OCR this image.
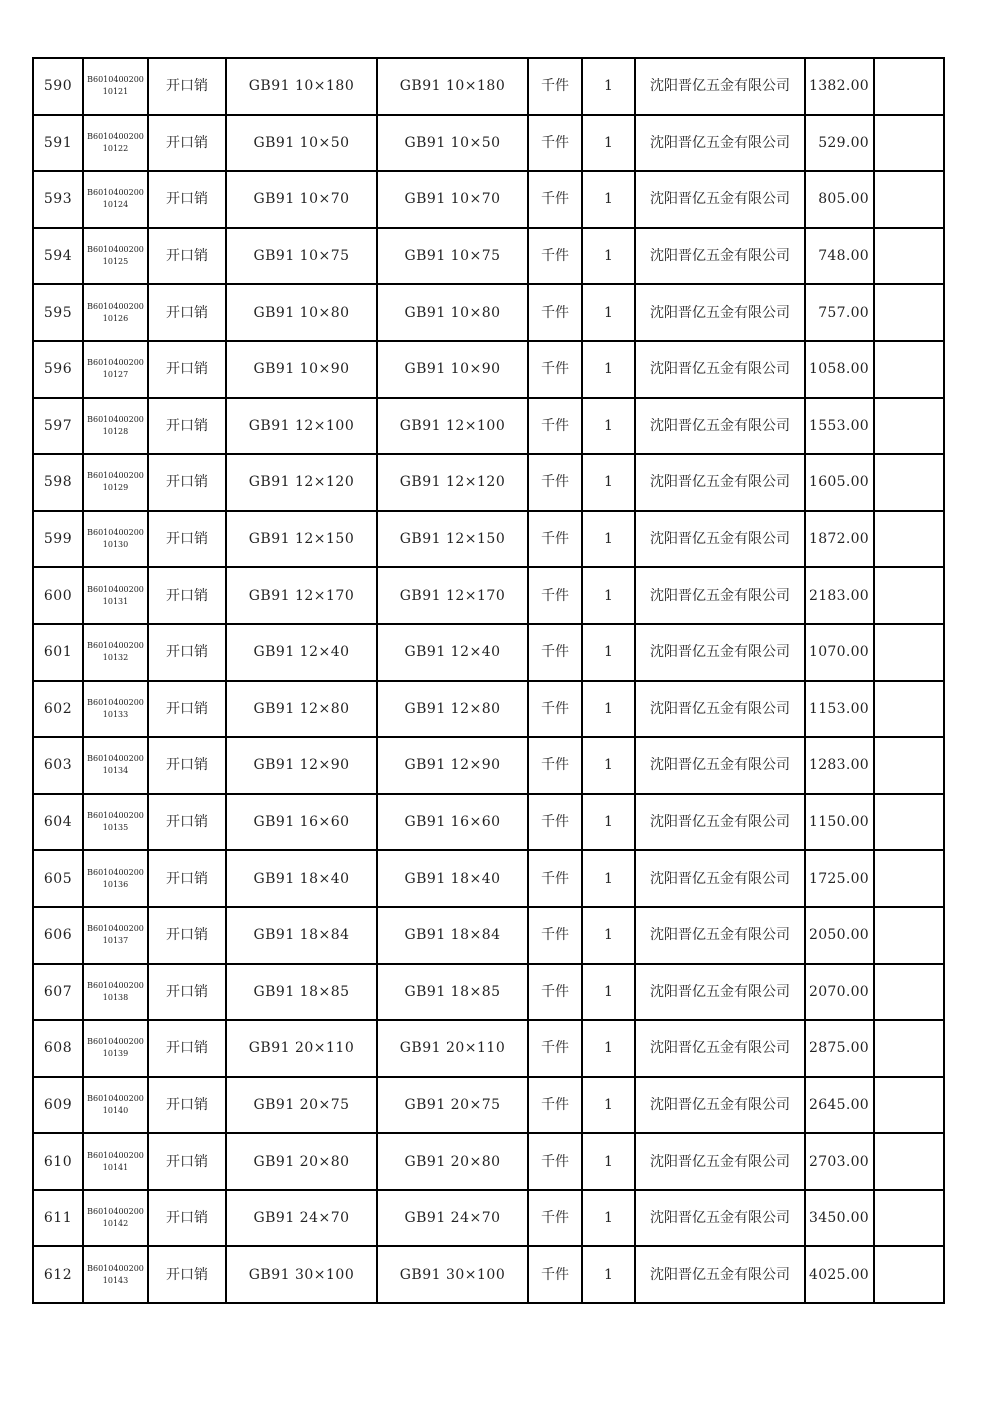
590	B601040020010121	开口销	GB91 10×180	GB91 10×180	千件	1	沈阳晋亿五金有限公司	1382.00	
591	B601040020010122	开口销	GB91 10×50	GB91 10×50	千件	1	沈阳晋亿五金有限公司	529.00	
593	B601040020010124	开口销	GB91 10×70	GB91 10×70	千件	1	沈阳晋亿五金有限公司	805.00	
594	B601040020010125	开口销	GB91 10×75	GB91 10×75	千件	1	沈阳晋亿五金有限公司	748.00	
595	B601040020010126	开口销	GB91 10×80	GB91 10×80	千件	1	沈阳晋亿五金有限公司	757.00	
596	B601040020010127	开口销	GB91 10×90	GB91 10×90	千件	1	沈阳晋亿五金有限公司	1058.00	
597	B601040020010128	开口销	GB91 12×100	GB91 12×100	千件	1	沈阳晋亿五金有限公司	1553.00	
598	B601040020010129	开口销	GB91 12×120	GB91 12×120	千件	1	沈阳晋亿五金有限公司	1605.00	
599	B601040020010130	开口销	GB91 12×150	GB91 12×150	千件	1	沈阳晋亿五金有限公司	1872.00	
600	B601040020010131	开口销	GB91 12×170	GB91 12×170	千件	1	沈阳晋亿五金有限公司	2183.00	
601	B601040020010132	开口销	GB91 12×40	GB91 12×40	千件	1	沈阳晋亿五金有限公司	1070.00	
602	B601040020010133	开口销	GB91 12×80	GB91 12×80	千件	1	沈阳晋亿五金有限公司	1153.00	
603	B601040020010134	开口销	GB91 12×90	GB91 12×90	千件	1	沈阳晋亿五金有限公司	1283.00	
604	B601040020010135	开口销	GB91 16×60	GB91 16×60	千件	1	沈阳晋亿五金有限公司	1150.00	
605	B601040020010136	开口销	GB91 18×40	GB91 18×40	千件	1	沈阳晋亿五金有限公司	1725.00	
606	B601040020010137	开口销	GB91 18×84	GB91 18×84	千件	1	沈阳晋亿五金有限公司	2050.00	
607	B601040020010138	开口销	GB91 18×85	GB91 18×85	千件	1	沈阳晋亿五金有限公司	2070.00	
608	B601040020010139	开口销	GB91 20×110	GB91 20×110	千件	1	沈阳晋亿五金有限公司	2875.00	
609	B601040020010140	开口销	GB91 20×75	GB91 20×75	千件	1	沈阳晋亿五金有限公司	2645.00	
610	B601040020010141	开口销	GB91 20×80	GB91 20×80	千件	1	沈阳晋亿五金有限公司	2703.00	
611	B601040020010142	开口销	GB91 24×70	GB91 24×70	千件	1	沈阳晋亿五金有限公司	3450.00	
612	B601040020010143	开口销	GB91 30×100	GB91 30×100	千件	1	沈阳晋亿五金有限公司	4025.00	
